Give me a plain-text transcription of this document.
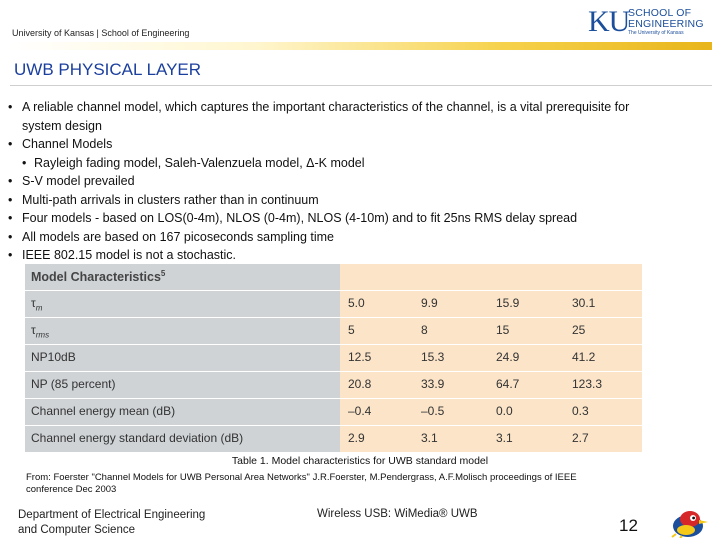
University of Kansas | School of Engineering	KU
SCHOOL OF
ENGINEERING
The University of Kansas
UWB PHYSICAL LAYER
• A reliable channel model, which captures the important characteristics of the channel, is a vital prerequisite for
system design
• Channel Models
• Rayleigh fading model, Saleh-Valenzuela model, Δ-K model
• S-V model prevailed
• Multi-path arrivals in clusters rather than in continuum
• Four models - based on LOS(0-4m), NLOS (0-4m), NLOS (4-10m) and to fit 25ns RMS delay spread
• All models are based on 167 picoseconds sampling time
• IEEE 802.15 model is not a stochastic.
Model Characteristics$^5$
$\tau_m$	5.0	9.9	15.9	30.1
$\tau_{rms}$	5	8	15	25
NP10dB	12.5	15.3	24.9	41.2
NP (85 percent)	20.8	33.9	64.7	123.3
Channel energy mean (dB)	–0.4	–0.5	0.0	0.3
Channel energy standard deviation (dB)	2.9	3.1	3.1	2.7
Table 1. Model characteristics for UWB standard model
From: Foerster "Channel Models for UWB Personal Area Networks" J.R.Foerster, M.Pendergrass, A.F.Molisch proceedings of IEEE
conference Dec 2003
Department of Electrical Engineering
and Computer Science
Wireless USB: WiMedia® UWB
12
